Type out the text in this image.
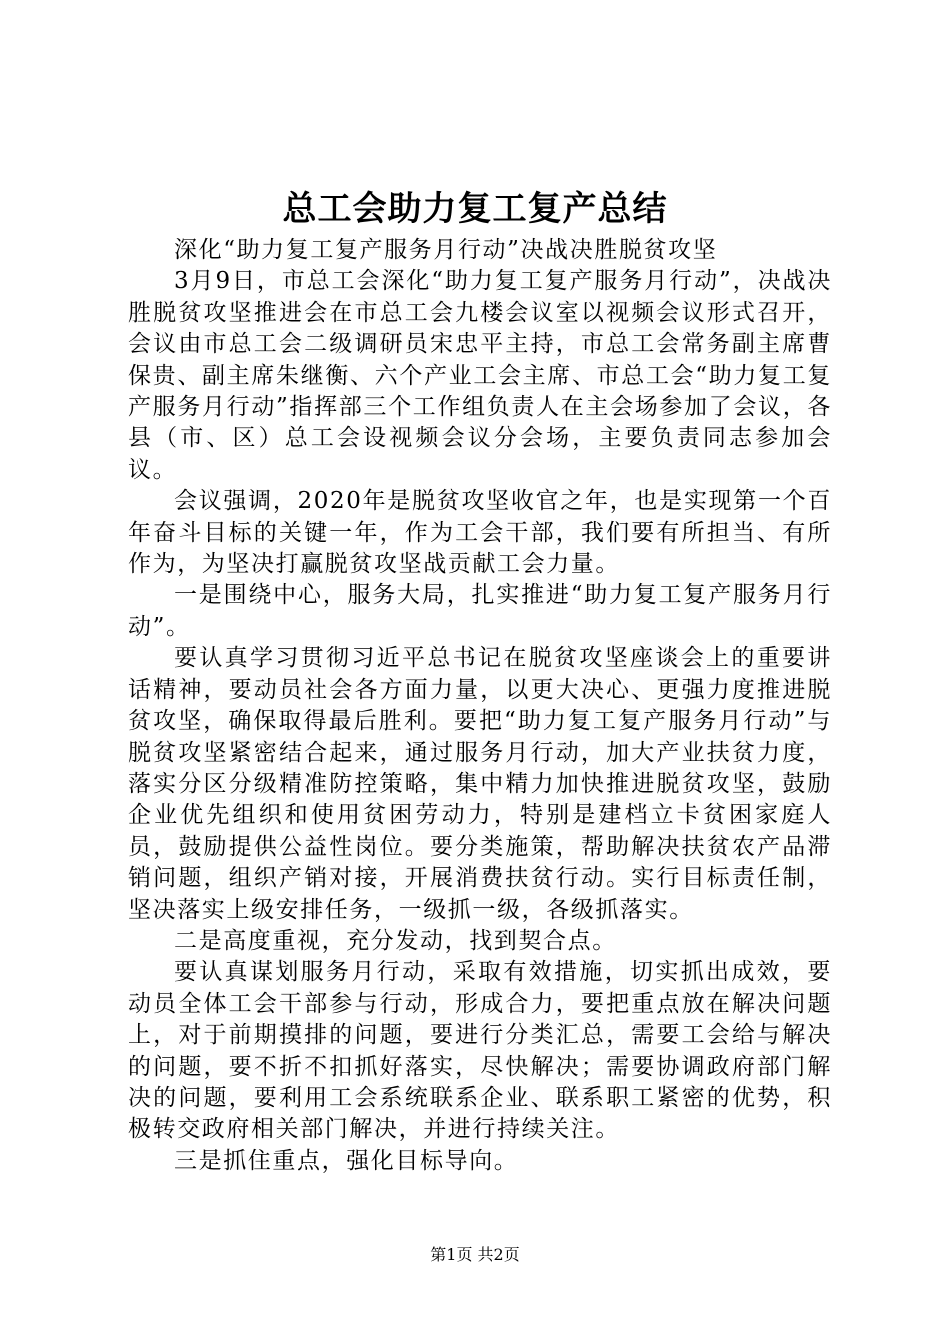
总工会助力复工复产总结

深化“助力复工复产服务月行动”决战决胜脱贫攻坚

3月9日，市总工会深化“助力复工复产服务月行动”，决战决胜脱贫攻坚推进会在市总工会九楼会议室以视频会议形式召开，会议由市总工会二级调研员宋忠平主持，市总工会常务副主席曹保贵、副主席朱继衡、六个产业工会主席、市总工会“助力复工复产服务月行动”指挥部三个工作组负责人在主会场参加了会议，各县（市、区）总工会设视频会议分会场，主要负责同志参加会议。

会议强调，2020年是脱贫攻坚收官之年，也是实现第一个百年奋斗目标的关键一年，作为工会干部，我们要有所担当、有所作为，为坚决打赢脱贫攻坚战贡献工会力量。

一是围绕中心，服务大局，扎实推进“助力复工复产服务月行动”。

要认真学习贯彻习近平总书记在脱贫攻坚座谈会上的重要讲话精神，要动员社会各方面力量，以更大决心、更强力度推进脱贫攻坚，确保取得最后胜利。要把“助力复工复产服务月行动”与脱贫攻坚紧密结合起来，通过服务月行动，加大产业扶贫力度，落实分区分级精准防控策略，集中精力加快推进脱贫攻坚，鼓励企业优先组织和使用贫困劳动力，特别是建档立卡贫困家庭人员，鼓励提供公益性岗位。要分类施策，帮助解决扶贫农产品滞销问题，组织产销对接，开展消费扶贫行动。实行目标责任制，坚决落实上级安排任务，一级抓一级，各级抓落实。

二是高度重视，充分发动，找到契合点。

要认真谋划服务月行动，采取有效措施，切实抓出成效，要动员全体工会干部参与行动，形成合力，要把重点放在解决问题上，对于前期摸排的问题，要进行分类汇总，需要工会给与解决的问题，要不折不扣抓好落实，尽快解决；需要协调政府部门解决的问题，要利用工会系统联系企业、联系职工紧密的优势，积极转交政府相关部门解决，并进行持续关注。

三是抓住重点，强化目标导向。

第1页 共2页
